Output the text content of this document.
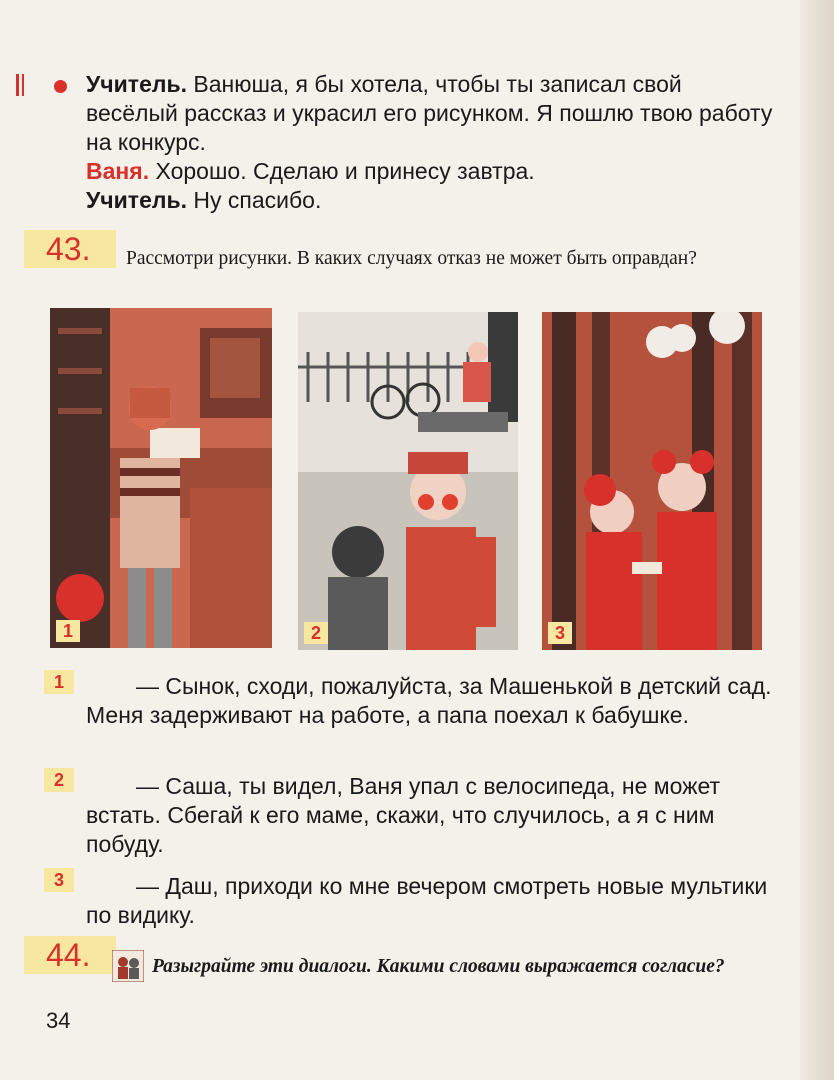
Учитель. Ванюша, я бы хотела, чтобы ты записал свой весёлый рассказ и украсил его рисунком. Я пошлю твою работу на конкурс.

Ваня. Хорошо. Сделаю и принесу завтра.

Учитель. Ну спасибо.

43.	Рассмотри рисунки. В каких случаях отказ не может быть оправдан?
1	2	3
1	— Сынок, сходи, пожалуйста, за Машенькой в детский сад. Меня задерживают на работе, а папа поехал к бабушке.

2	— Саша, ты видел, Ваня упал с велосипеда, не может встать. Сбегай к его маме, скажи, что случилось, а я с ним побуду.

3	— Даш, приходи ко мне вечером смотреть новые мультики по видику.

44.	Разыграйте эти диалоги. Какими словами выражается согласие?
34
